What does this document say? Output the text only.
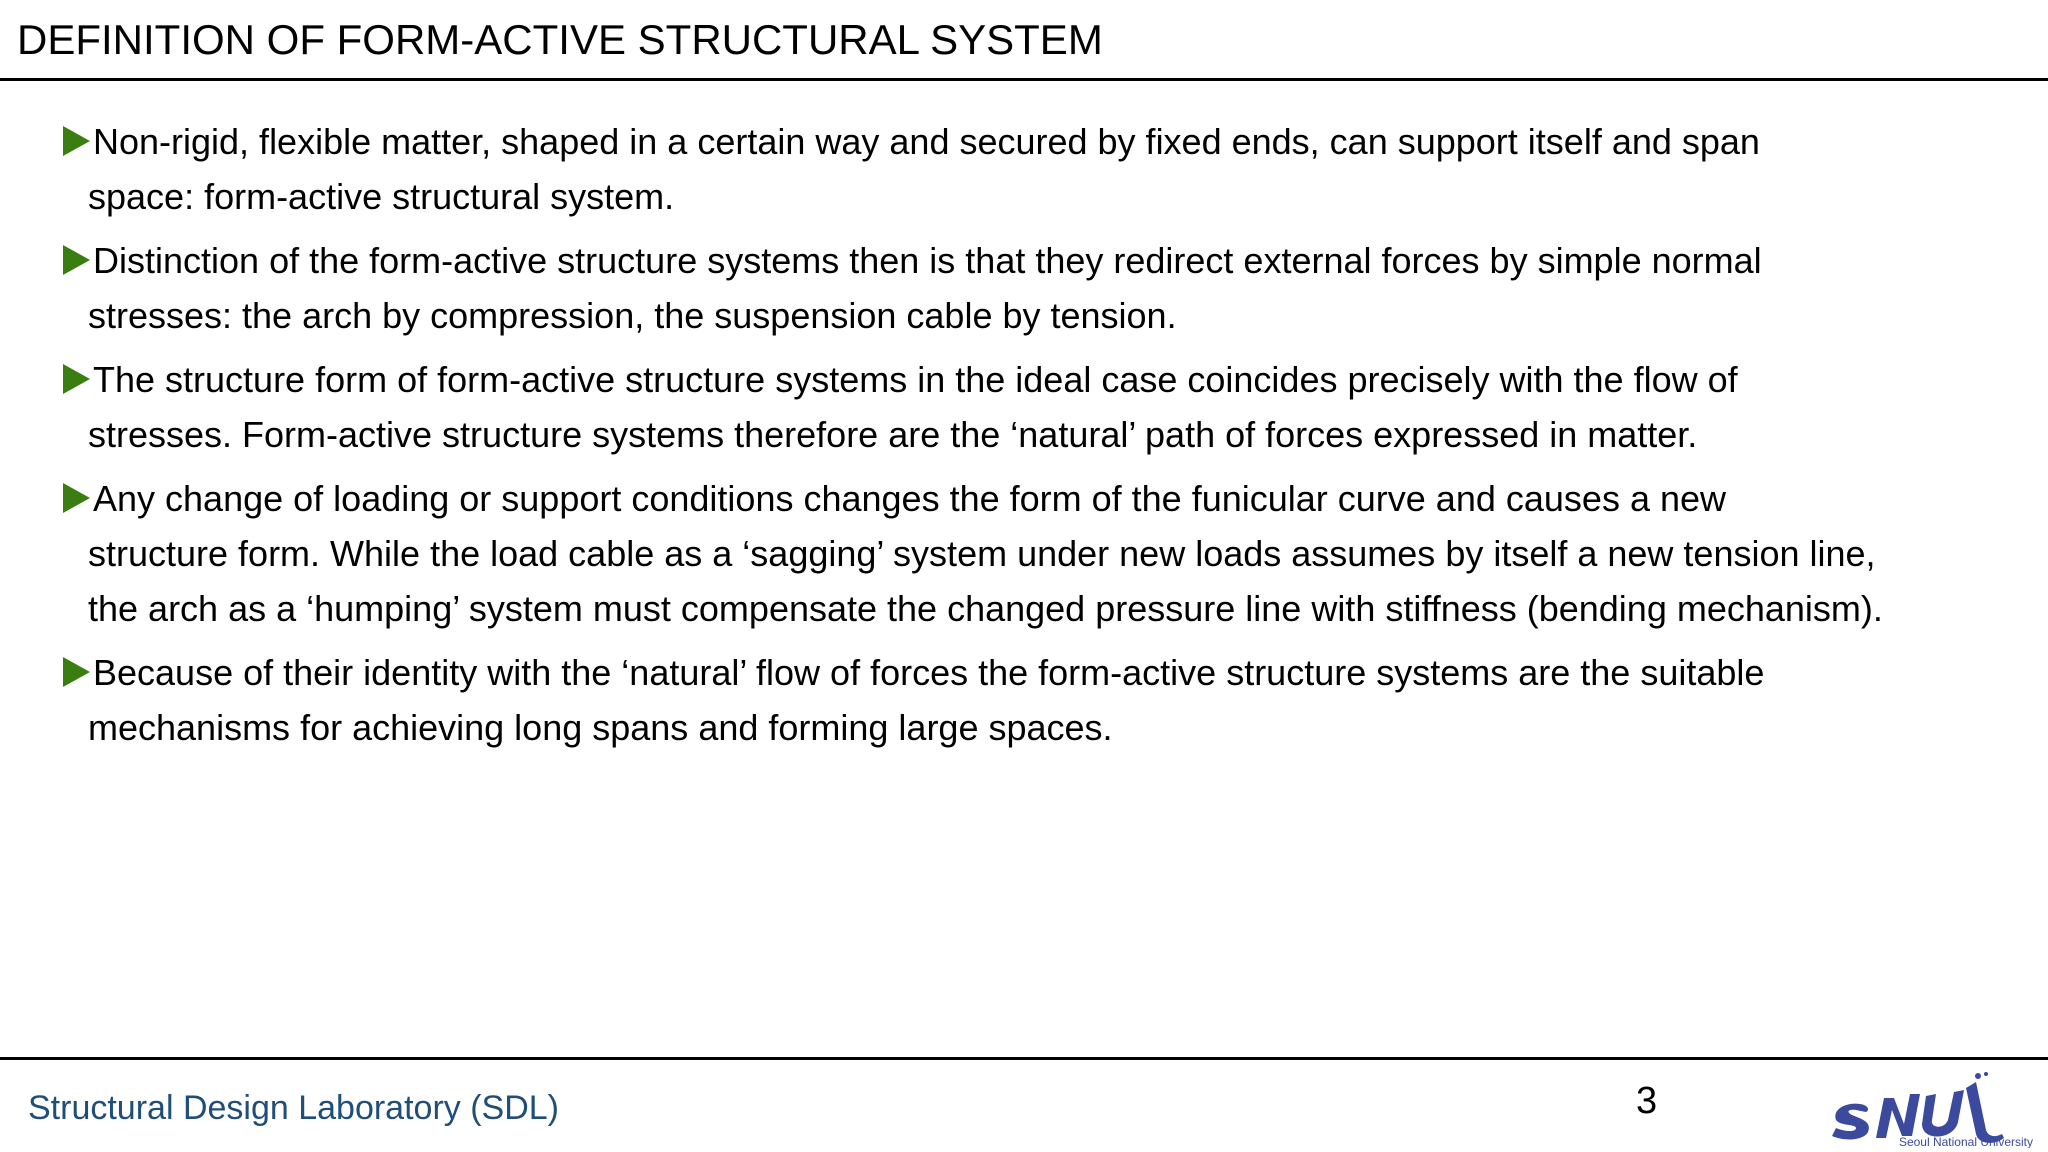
DEFINITION OF FORM-ACTIVE STRUCTURAL SYSTEM
Non-rigid, flexible matter, shaped in a certain way and secured by fixed ends, can support itself and span
space: form-active structural system.
Distinction of the form-active structure systems then is that they redirect external forces by simple normal
stresses: the arch by compression, the suspension cable by tension.
The structure form of form-active structure systems in the ideal case coincides precisely with the flow of
stresses. Form-active structure systems therefore are the ‘natural’ path of forces expressed in matter.
Any change of loading or support conditions changes the form of the funicular curve and causes a new
structure form. While the load cable as a ‘sagging’ system under new loads assumes by itself a new tension line,
the arch as a ‘humping’ system must compensate the changed pressure line with stiffness (bending mechanism).
Because of their identity with the ‘natural’ flow of forces the form-active structure systems are the suitable
mechanisms for achieving long spans and forming large spaces.
Structural Design Laboratory (SDL)	3
Seoul National University
